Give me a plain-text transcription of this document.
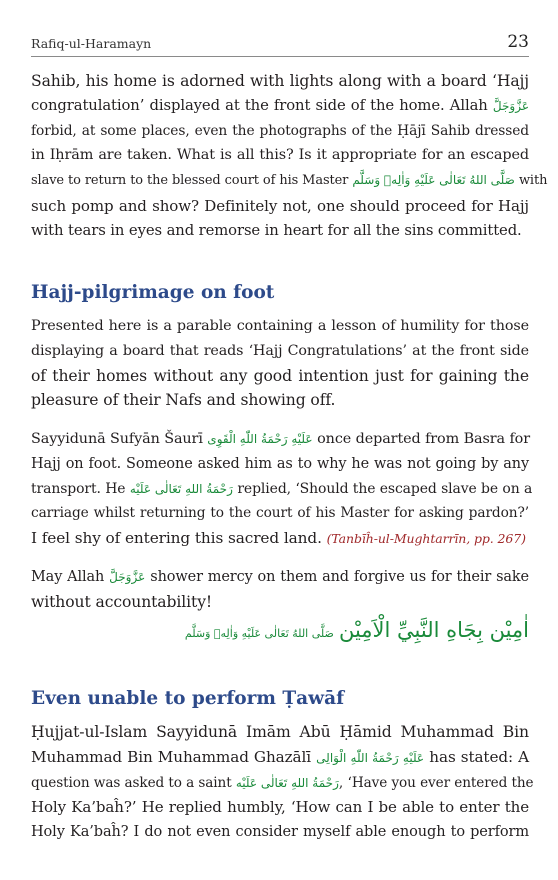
Rafiq-ul-Haramayn	23

Sahib, his home is adorned with lights along with a board ‘Hajj
congratulation’ displayed at the front side of the home. Allah عَزَّوَجَلَّ
forbid, at some places, even the photographs of the Ḥājī Sahib dressed
in Iḥrām are taken. What is all this? Is it appropriate for an escaped
slave to return to the blessed court of his Master صَلَّى اللهُ تَعَالٰى عَلَيْهِ وَاٰلِهٖ وَسَلَّم with
such pomp and show? Definitely not, one should proceed for Hajj
with tears in eyes and remorse in heart for all the sins committed.

Hajj-pilgrimage on foot

Presented here is a parable containing a lesson of humility for those
displaying a board that reads ‘Hajj Congratulations’ at the front side
of their homes without any good intention just for gaining the
pleasure of their Nafs and showing off.

Sayyidunā Sufyān Šaurī عَلَيْهِ رَحْمَةُ اللّٰهِ الْقَوِی once departed from Basra for
Hajj on foot. Someone asked him as to why he was not going by any
transport. He رَحْمَةُ اللهِ تَعَالٰى عَلَيْه replied, ‘Should the escaped slave be on a
carriage whilst returning to the court of his Master for asking pardon?’
I feel shy of entering this sacred land. (Tanbīĥ-ul-Mughtarrīn, pp. 267)

May Allah عَزَّوَجَلَّ shower mercy on them and forgive us for their sake
without accountability!

اٰمِيْن بِجَاهِ النَّبِيِّ الْاَمِيْن صَلَّى اللهُ تَعَالٰى عَلَيْهِ وَاٰلِهٖ وَسَلَّم
Even unable to perform Ṭawāf

Ḥujjat-ul-Islam Sayyidunā Imām Abū Ḥāmid Muhammad Bin
Muhammad Bin Muhammad Ghazālī عَلَيْهِ رَحْمَةُ اللّٰهِ الْوَالِی has stated: A
question was asked to a saint رَحْمَةُ اللهِ تَعَالٰى عَلَيْه, ‘Have you ever entered the
Holy Ka’baĥ?’ He replied humbly, ‘How can I be able to enter the
Holy Ka’baĥ? I do not even consider myself able enough to perform
